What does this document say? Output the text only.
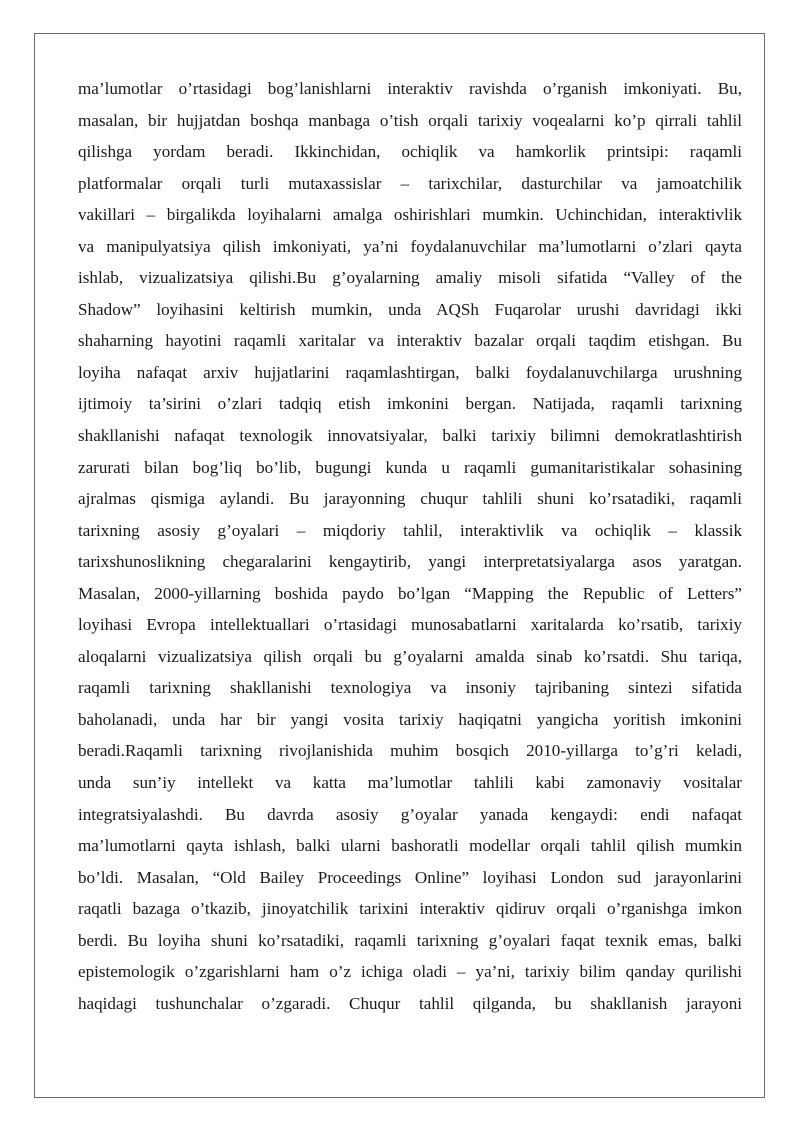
ma’lumotlar o’rtasidagi bog’lanishlarni interaktiv ravishda o’rganish imkoniyati. Bu,
masalan, bir hujjatdan boshqa manbaga o’tish orqali tarixiy voqealarni ko’p qirrali tahlil
qilishga yordam beradi. Ikkinchidan, ochiqlik va hamkorlik printsipi: raqamli
platformalar orqali turli mutaxassislar – tarixchilar, dasturchilar va jamoatchilik
vakillari – birgalikda loyihalarni amalga oshirishlari mumkin. Uchinchidan, interaktivlik
va manipulyatsiya qilish imkoniyati, ya’ni foydalanuvchilar ma’lumotlarni o’zlari qayta
ishlab, vizualizatsiya qilishi.Bu g’oyalarning amaliy misoli sifatida “Valley of the
Shadow” loyihasini keltirish mumkin, unda AQSh Fuqarolar urushi davridagi ikki
shaharning hayotini raqamli xaritalar va interaktiv bazalar orqali taqdim etishgan. Bu
loyiha nafaqat arxiv hujjatlarini raqamlashtirgan, balki foydalanuvchilarga urushning
ijtimoiy ta’sirini o’zlari tadqiq etish imkonini bergan. Natijada, raqamli tarixning
shakllanishi nafaqat texnologik innovatsiyalar, balki tarixiy bilimni demokratlashtirish
zarurati bilan bog’liq bo’lib, bugungi kunda u raqamli gumanitaristikalar sohasining
ajralmas qismiga aylandi. Bu jarayonning chuqur tahlili shuni ko’rsatadiki, raqamli
tarixning asosiy g’oyalari – miqdoriy tahlil, interaktivlik va ochiqlik – klassik
tarixshunoslikning chegaralarini kengaytirib, yangi interpretatsiyalarga asos yaratgan.
Masalan, 2000-yillarning boshida paydo bo’lgan “Mapping the Republic of Letters”
loyihasi Evropa intellektuallari o’rtasidagi munosabatlarni xaritalarda ko’rsatib, tarixiy
aloqalarni vizualizatsiya qilish orqali bu g’oyalarni amalda sinab ko’rsatdi. Shu tariqa,
raqamli tarixning shakllanishi texnologiya va insoniy tajribaning sintezi sifatida
baholanadi, unda har bir yangi vosita tarixiy haqiqatni yangicha yoritish imkonini
beradi.Raqamli tarixning rivojlanishida muhim bosqich 2010-yillarga to’g’ri keladi,
unda sun’iy intellekt va katta ma’lumotlar tahlili kabi zamonaviy vositalar
integratsiyalashdi. Bu davrda asosiy g’oyalar yanada kengaydi: endi nafaqat
ma’lumotlarni qayta ishlash, balki ularni bashoratli modellar orqali tahlil qilish mumkin
bo’ldi. Masalan, “Old Bailey Proceedings Online” loyihasi London sud jarayonlarini
raqatli bazaga o’tkazib, jinoyatchilik tarixini interaktiv qidiruv orqali o’rganishga imkon
berdi. Bu loyiha shuni ko’rsatadiki, raqamli tarixning g’oyalari faqat texnik emas, balki
epistemologik o’zgarishlarni ham o’z ichiga oladi – ya’ni, tarixiy bilim qanday qurilishi
haqidagi tushunchalar o’zgaradi. Chuqur tahlil qilganda, bu shakllanish jarayoni
